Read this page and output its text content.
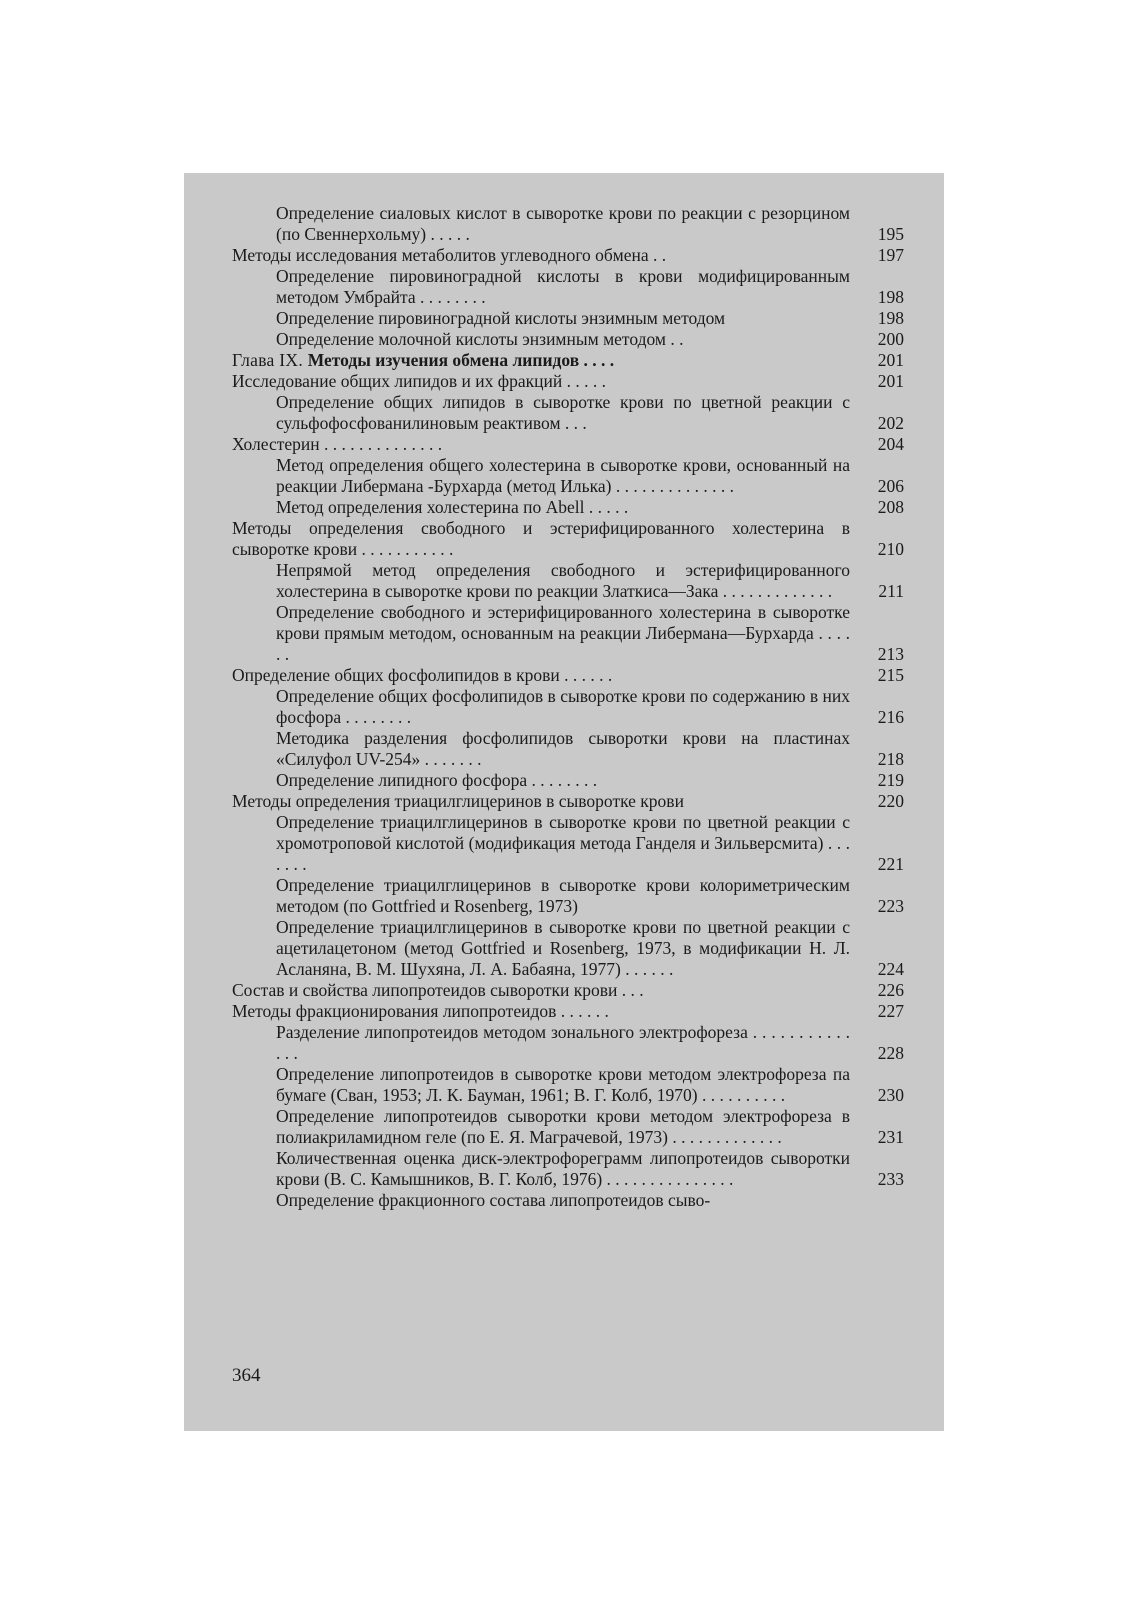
Определение сиаловых кислот в сыворотке крови по реакции с резорцином (по Свеннерхольму) . . . . .	195
Методы исследования метаболитов углеводного обмена . .	197
Определение пировиноградной кислоты в крови модифицированным методом Умбрайта . . . . . . . .	198
Определение пировиноградной кислоты энзимным методом	198
Определение молочной кислоты энзимным методом . .	200
Глава IX. Методы изучения обмена липидов . . . .	201
Исследование общих липидов и их фракций . . . . .	201
Определение общих липидов в сыворотке крови по цветной реакции с сульфофосфованилиновым реактивом . . .	202
Холестерин . . . . . . . . . . . . . .	204
Метод определения общего холестерина в сыворотке крови, основанный на реакции Либермана -Бурхарда (метод Илька) . . . . . . . . . . . . . .	206
Метод определения холестерина по Abell . . . . .	208
Методы определения свободного и эстерифицированного холестерина в сыворотке крови . . . . . . . . . . .	210
Непрямой метод определения свободного и эстерифицированного холестерина в сыворотке крови по реакции Златкиса—Зака . . . . . . . . . . . . .	211
Определение свободного и эстерифицированного холестерина в сыворотке крови прямым методом, основанным на реакции Либермана—Бурхарда . . . . . .	213
Определение общих фосфолипидов в крови . . . . . .	215
Определение общих фосфолипидов в сыворотке крови по содержанию в них фосфора . . . . . . . .	216
Методика разделения фосфолипидов сыворотки крови на пластинах «Силуфол UV-254» . . . . . . .	218
Определение липидного фосфора . . . . . . . .	219
Методы определения триацилглицеринов в сыворотке крови	220
Определение триацилглицеринов в сыворотке крови по цветной реакции с хромотроповой кислотой (модификация метода Ганделя и Зильверсмита) . . . . . . .	221
Определение триацилглицеринов в сыворотке крови колориметрическим методом (по Gottfried и Rosenberg, 1973)	223
Определение триацилглицеринов в сыворотке крови по цветной реакции с ацетилацетоном (метод Gottfried и Rosenberg, 1973, в модификации Н. Л. Асланяна, В. М. Шухяна, Л. А. Бабаяна, 1977) . . . . . .	224
Состав и свойства липопротеидов сыворотки крови . . .	226
Методы фракционирования липопротеидов . . . . . .	227
Разделение липопротеидов методом зонального электрофореза . . . . . . . . . . . . . .	228
Определение липопротеидов в сыворотке крови методом электрофореза па бумаге (Сван, 1953; Л. К. Бауман, 1961; В. Г. Колб, 1970) . . . . . . . . . .	230
Определение липопротеидов сыворотки крови методом электрофореза в полиакриламидном геле (по Е. Я. Маграчевой, 1973) . . . . . . . . . . . . .	231
Количественная оценка диск-электрофореграмм липопротеидов сыворотки крови (В. С. Камышников, В. Г. Колб, 1976) . . . . . . . . . . . . . . .	233
Определение фракционного состава липопротеидов сыво-
364
